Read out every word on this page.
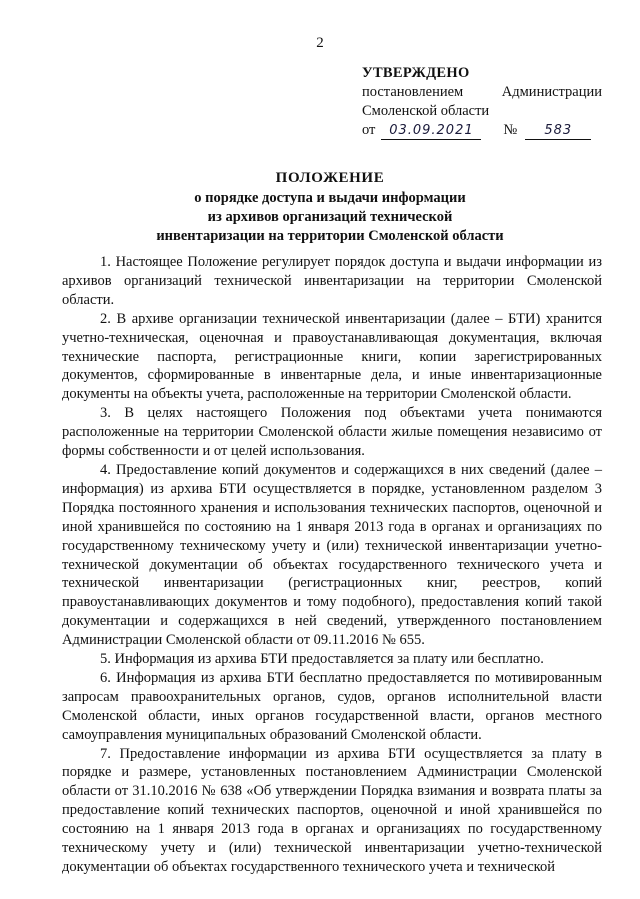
2
УТВЕРЖДЕНО
постановлением	Администрации
Смоленской области
от	03.09.2021	№	583
ПОЛОЖЕНИЕ
о порядке доступа и выдачи информации
из архивов организаций технической
инвентаризации на территории Смоленской области

1. Настоящее Положение регулирует порядок доступа и выдачи информации из архивов организаций технической инвентаризации на территории Смоленской области.

2. В архиве организации технической инвентаризации (далее – БТИ) хранится учетно-техническая, оценочная и правоустанавливающая документация, включая технические паспорта, регистрационные книги, копии зарегистрированных документов, сформированные в инвентарные дела, и иные инвентаризационные документы на объекты учета, расположенные на территории Смоленской области.

3. В целях настоящего Положения под объектами учета понимаются расположенные на территории Смоленской области жилые помещения независимо от формы собственности и от целей использования.

4. Предоставление копий документов и содержащихся в них сведений (далее – информация) из архива БТИ осуществляется в порядке, установленном разделом 3 Порядка постоянного хранения и использования технических паспортов, оценочной и иной хранившейся по состоянию на 1 января 2013 года в органах и организациях по государственному техническому учету и (или) технической инвентаризации учетно-технической документации об объектах государственного технического учета и технической инвентаризации (регистрационных книг, реестров, копий правоустанавливающих документов и тому подобного), предоставления копий такой документации и содержащихся в ней сведений, утвержденного постановлением Администрации Смоленской области от 09.11.2016 № 655.

5. Информация из архива БТИ предоставляется за плату или бесплатно.

6. Информация из архива БТИ бесплатно предоставляется по мотивированным запросам правоохранительных органов, судов, органов исполнительной власти Смоленской области, иных органов государственной власти, органов местного самоуправления муниципальных образований Смоленской области.

7. Предоставление информации из архива БТИ осуществляется за плату в порядке и размере, установленных постановлением Администрации Смоленской области от 31.10.2016 № 638 «Об утверждении Порядка взимания и возврата платы за предоставление копий технических паспортов, оценочной и иной хранившейся по состоянию на 1 января 2013 года в органах и организациях по государственному техническому учету и (или) технической инвентаризации учетно-технической документации об объектах государственного технического учета и технической
